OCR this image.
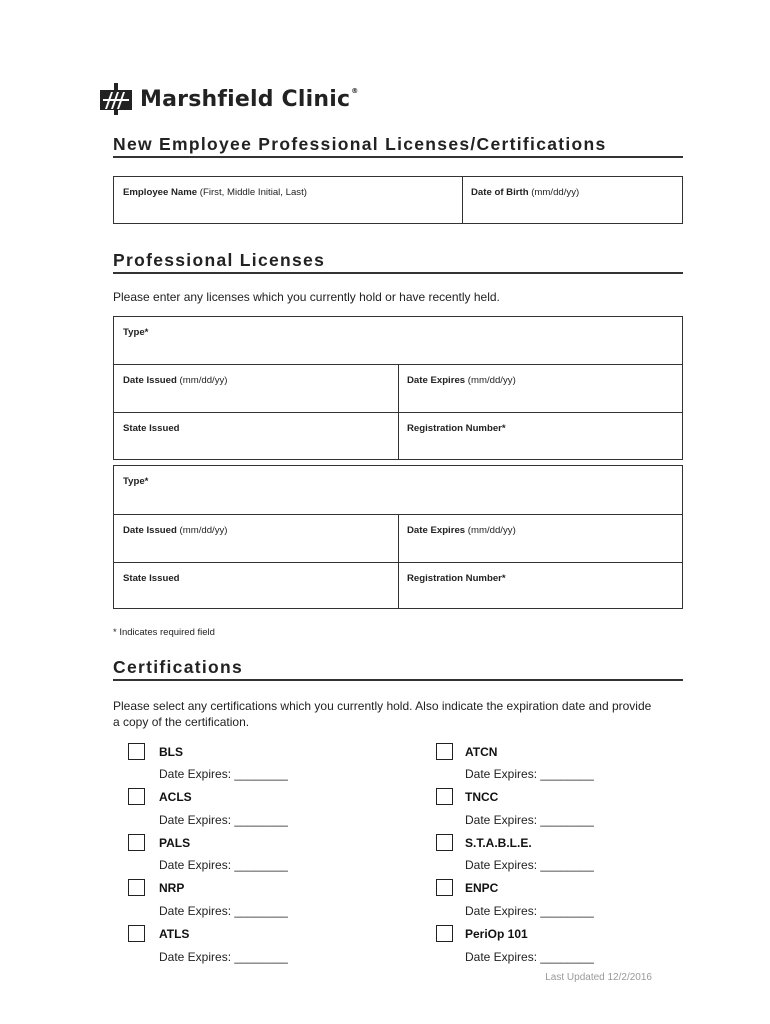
Marshfield Clinic®
New Employee Professional Licenses/Certifications
Employee Name (First, Middle Initial, Last)	Date of Birth (mm/dd/yy)
Professional Licenses
Please enter any licenses which you currently hold or have recently held.
Type*
Date Issued (mm/dd/yy)	Date Expires (mm/dd/yy)
State Issued	Registration Number*
Type*
Date Issued (mm/dd/yy)	Date Expires (mm/dd/yy)
State Issued	Registration Number*
* Indicates required field
Certifications
Please select any certifications which you currently hold. Also indicate the expiration date and provide
a copy of the certification.
BLS
Date Expires: ________
ACLS
Date Expires: ________
PALS
Date Expires: ________
NRP
Date Expires: ________
ATLS
Date Expires: ________
ATCN
Date Expires: ________
TNCC
Date Expires: ________
S.T.A.B.L.E.
Date Expires: ________
ENPC
Date Expires: ________
PeriOp 101
Date Expires: ________
Last Updated 12/2/2016
